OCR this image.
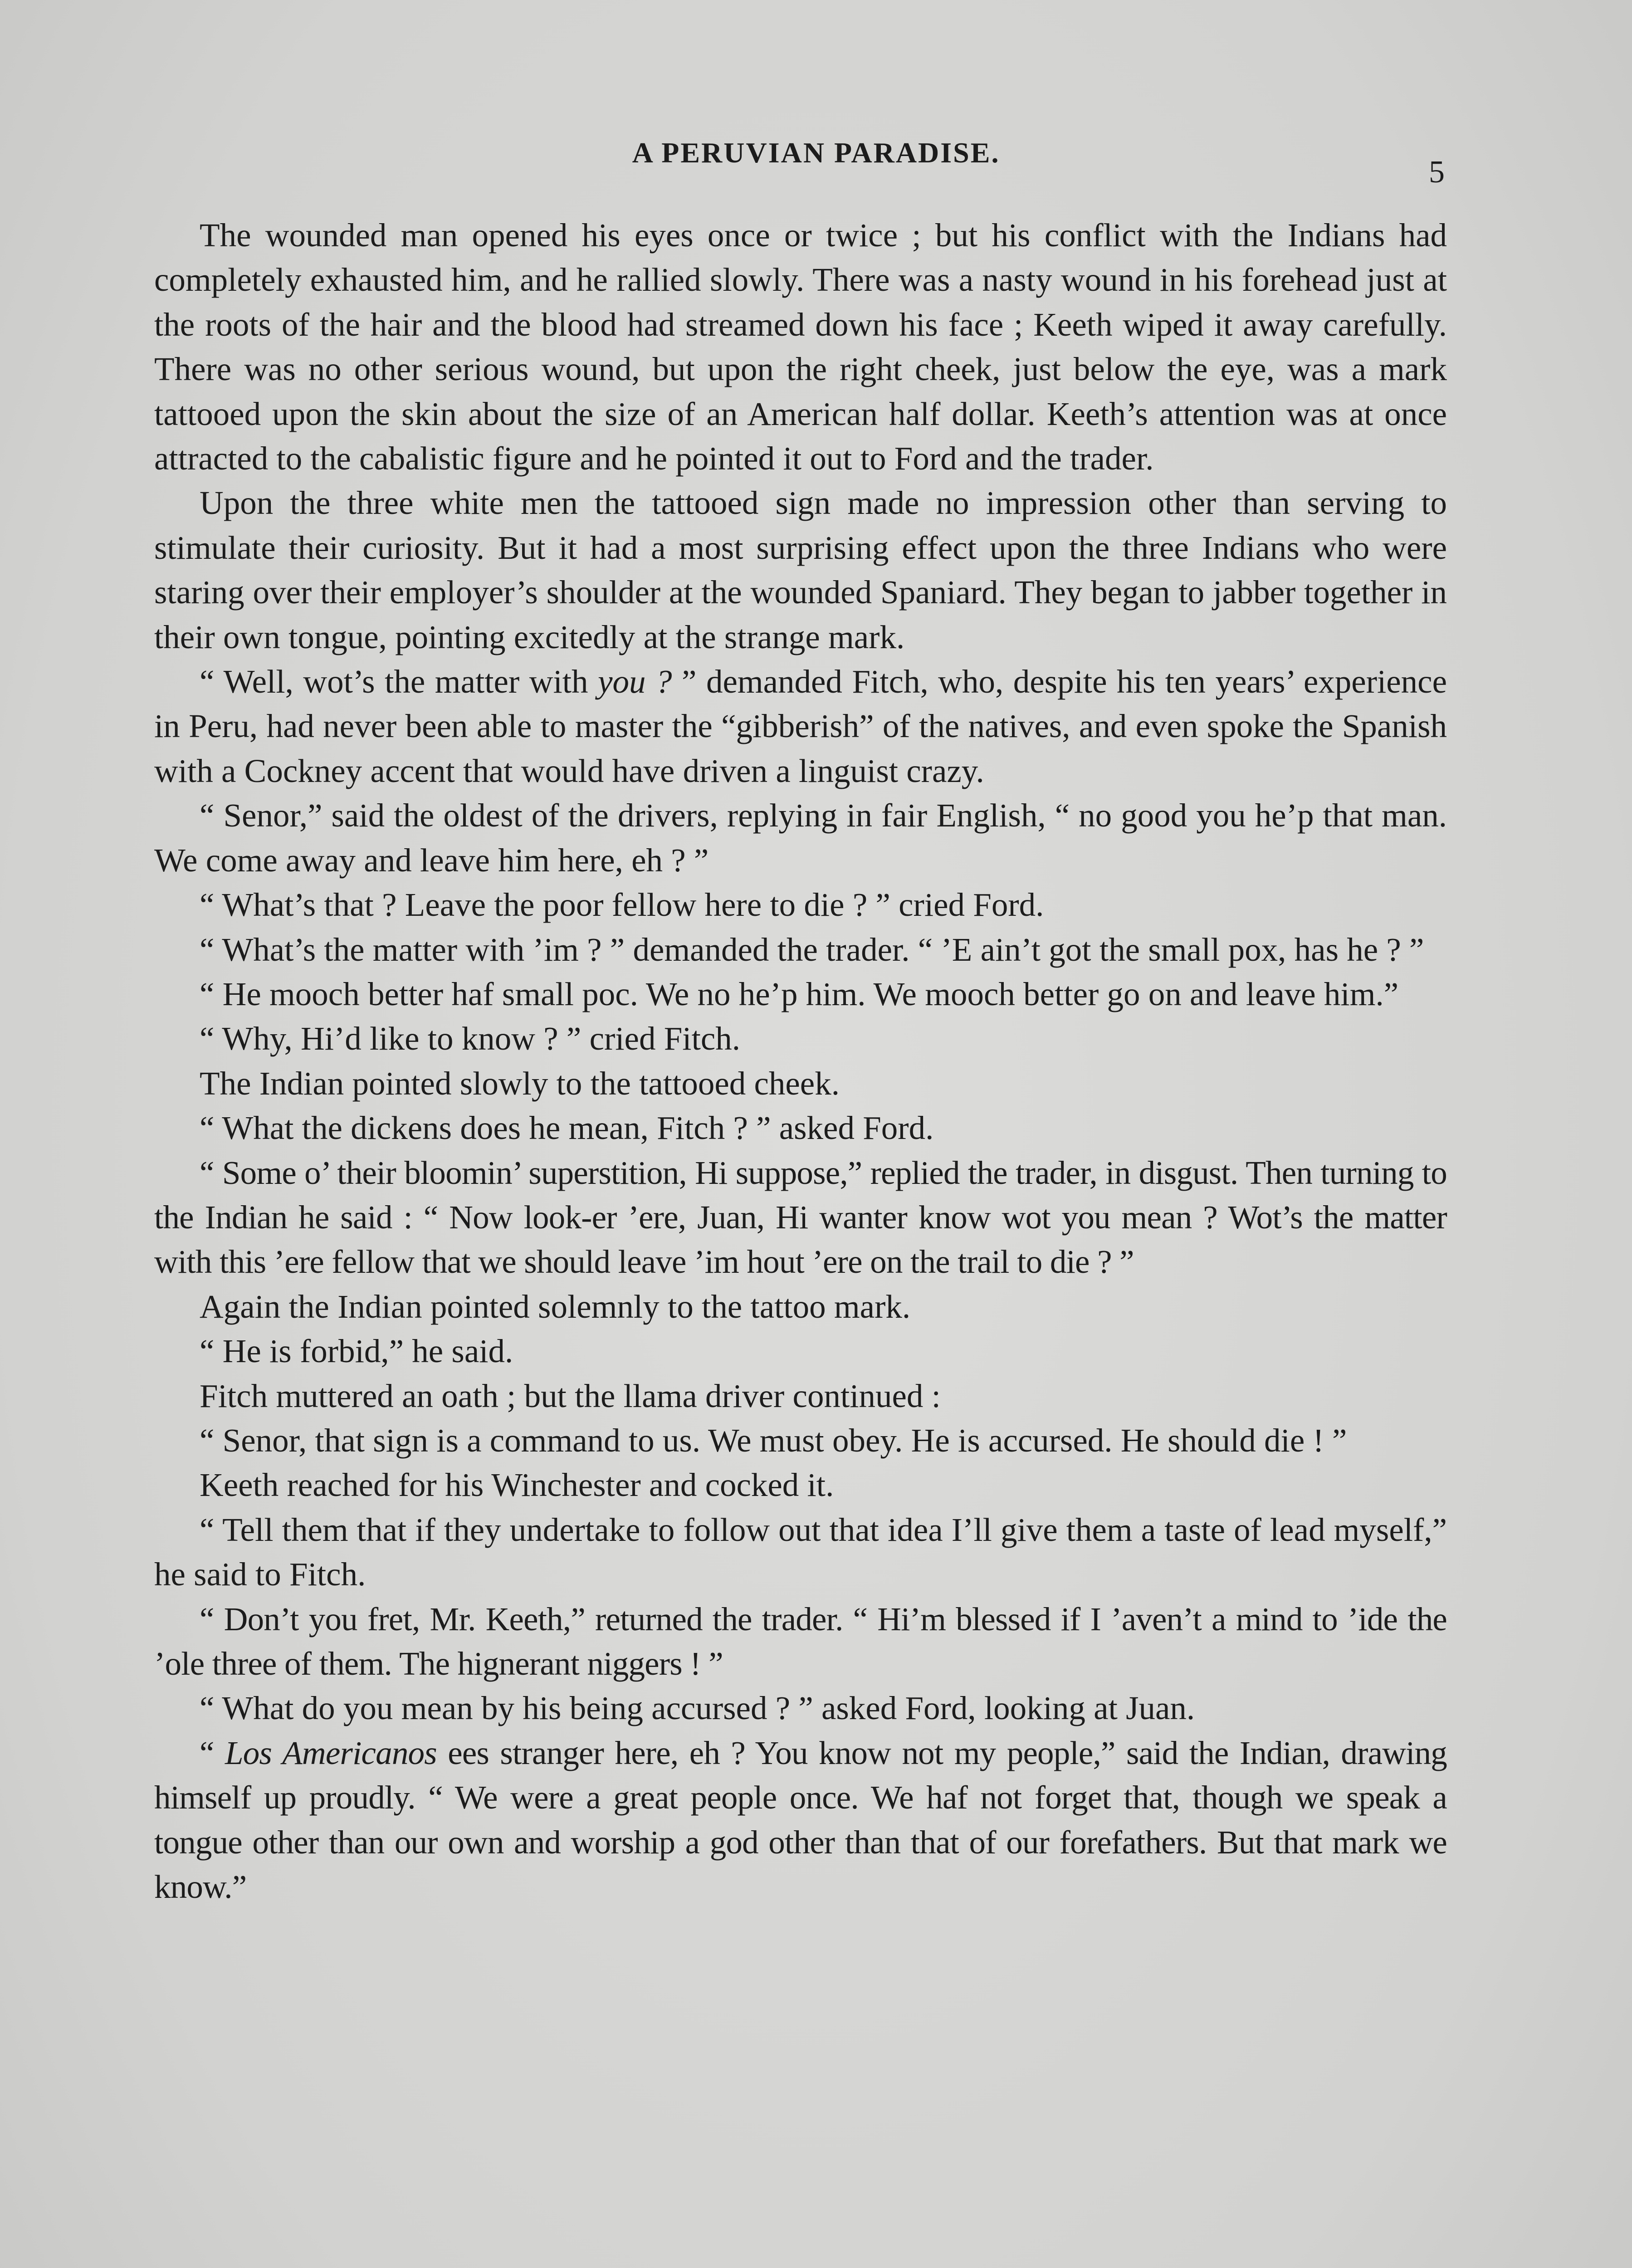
A PERUVIAN PARADISE.
5

The wounded man opened his eyes once or twice ; but his conflict with the Indians had completely exhausted him, and he rallied slowly. There was a nasty wound in his forehead just at the roots of the hair and the blood had streamed down his face ; Keeth wiped it away carefully. There was no other serious wound, but upon the right cheek, just below the eye, was a mark tattooed upon the skin about the size of an American half dollar. Keeth’s attention was at once attracted to the cabalistic figure and he pointed it out to Ford and the trader.

Upon the three white men the tattooed sign made no impression other than serving to stimulate their curiosity. But it had a most surprising effect upon the three Indians who were staring over their employer’s shoulder at the wounded Spaniard. They began to jabber together in their own tongue, pointing excitedly at the strange mark.

“ Well, wot’s the matter with you ? ” demanded Fitch, who, despite his ten years’ experience in Peru, had never been able to master the “gibberish” of the natives, and even spoke the Spanish with a Cockney accent that would have driven a linguist crazy.

“ Senor,” said the oldest of the drivers, replying in fair English, “ no good you he’p that man. We come away and leave him here, eh ? ”

“ What’s that ? Leave the poor fellow here to die ? ” cried Ford.

“ What’s the matter with ’im ? ” demanded the trader. “ ’E ain’t got the small pox, has he ? ”

“ He mooch better haf small poc. We no he’p him. We mooch better go on and leave him.”

“ Why, Hi’d like to know ? ” cried Fitch.

The Indian pointed slowly to the tattooed cheek.

“ What the dickens does he mean, Fitch ? ” asked Ford.

“ Some o’ their bloomin’ superstition, Hi suppose,” replied the trader, in disgust. Then turning to the Indian he said : “ Now look-er ’ere, Juan, Hi wanter know wot you mean ? Wot’s the matter with this ’ere fellow that we should leave ’im hout ’ere on the trail to die ? ”

Again the Indian pointed solemnly to the tattoo mark.

“ He is forbid,” he said.

Fitch muttered an oath ; but the llama driver continued :

“ Senor, that sign is a command to us. We must obey. He is accursed. He should die ! ”

Keeth reached for his Winchester and cocked it.

“ Tell them that if they undertake to follow out that idea I’ll give them a taste of lead myself,” he said to Fitch.

“ Don’t you fret, Mr. Keeth,” returned the trader. “ Hi’m blessed if I ’aven’t a mind to ’ide the ’ole three of them. The hignerant niggers ! ”

“ What do you mean by his being accursed ? ” asked Ford, looking at Juan.

“ Los Americanos ees stranger here, eh ? You know not my people,” said the Indian, drawing himself up proudly. “ We were a great people once. We haf not forget that, though we speak a tongue other than our own and worship a god other than that of our forefathers. But that mark we know.”
